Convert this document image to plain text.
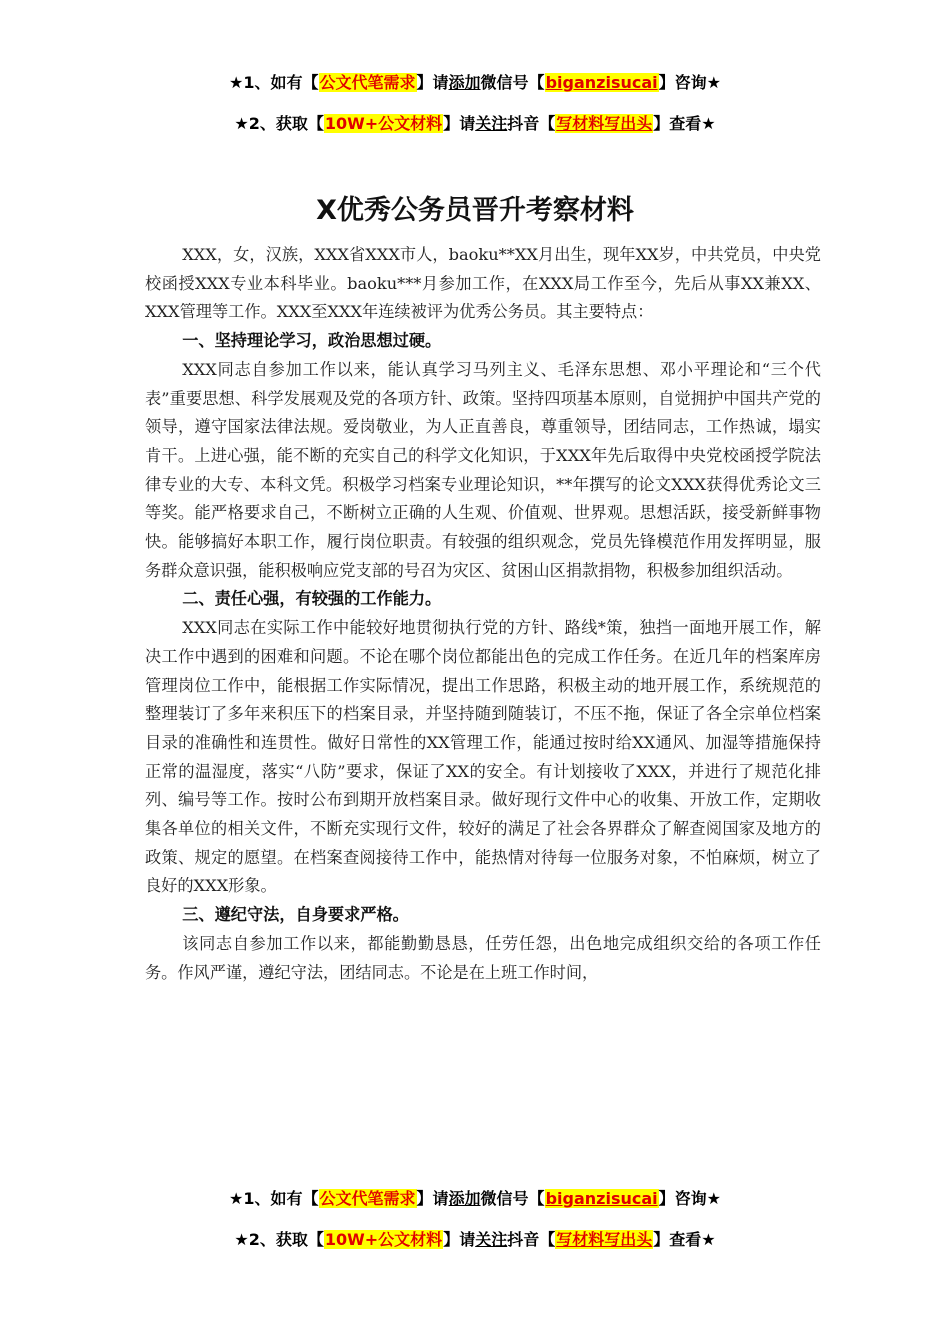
★1、如有【公文代笔需求】请添加微信号【biganzisucai】咨询★
★2、获取【10W+公文材料】请关注抖音【写材料写出头】查看★
X优秀公务员晋升考察材料

XXX，女，汉族，XXX省XXX市人，baoku**XX月出生，现年XX岁，中共党员，中央党校函授XXX专业本科毕业。baoku***月参加工作，在XXX局工作至今，先后从事XX兼XX、XXX管理等工作。XXX至XXX年连续被评为优秀公务员。其主要特点：

一、坚持理论学习，政治思想过硬。

XXX同志自参加工作以来，能认真学习马列主义、毛泽东思想、邓小平理论和“三个代表”重要思想、科学发展观及党的各项方针、政策。坚持四项基本原则，自觉拥护中国共产党的领导，遵守国家法律法规。爱岗敬业，为人正直善良，尊重领导，团结同志，工作热诚，塌实肯干。上进心强，能不断的充实自己的科学文化知识，于XXX年先后取得中央党校函授学院法律专业的大专、本科文凭。积极学习档案专业理论知识，**年撰写的论文XXX获得优秀论文三等奖。能严格要求自己，不断树立正确的人生观、价值观、世界观。思想活跃，接受新鲜事物快。能够搞好本职工作，履行岗位职责。有较强的组织观念，党员先锋模范作用发挥明显，服务群众意识强，能积极响应党支部的号召为灾区、贫困山区捐款捐物，积极参加组织活动。

二、责任心强，有较强的工作能力。

XXX同志在实际工作中能较好地贯彻执行党的方针、路线*策，独挡一面地开展工作，解决工作中遇到的困难和问题。不论在哪个岗位都能出色的完成工作任务。在近几年的档案库房管理岗位工作中，能根据工作实际情况，提出工作思路，积极主动的地开展工作，系统规范的整理装订了多年来积压下的档案目录，并坚持随到随装订，不压不拖，保证了各全宗单位档案目录的准确性和连贯性。做好日常性的XX管理工作，能通过按时给XX通风、加湿等措施保持正常的温湿度，落实“八防”要求，保证了XX的安全。有计划接收了XXX，并进行了规范化排列、编号等工作。按时公布到期开放档案目录。做好现行文件中心的收集、开放工作，定期收集各单位的相关文件，不断充实现行文件，较好的满足了社会各界群众了解查阅国家及地方的政策、规定的愿望。在档案查阅接待工作中，能热情对待每一位服务对象，不怕麻烦，树立了良好的XXX形象。

三、遵纪守法，自身要求严格。

该同志自参加工作以来，都能勤勤恳恳，任劳任怨，出色地完成组织交给的各项工作任务。作风严谨，遵纪守法，团结同志。不论是在上班工作时间，

★1、如有【公文代笔需求】请添加微信号【biganzisucai】咨询★
★2、获取【10W+公文材料】请关注抖音【写材料写出头】查看★
